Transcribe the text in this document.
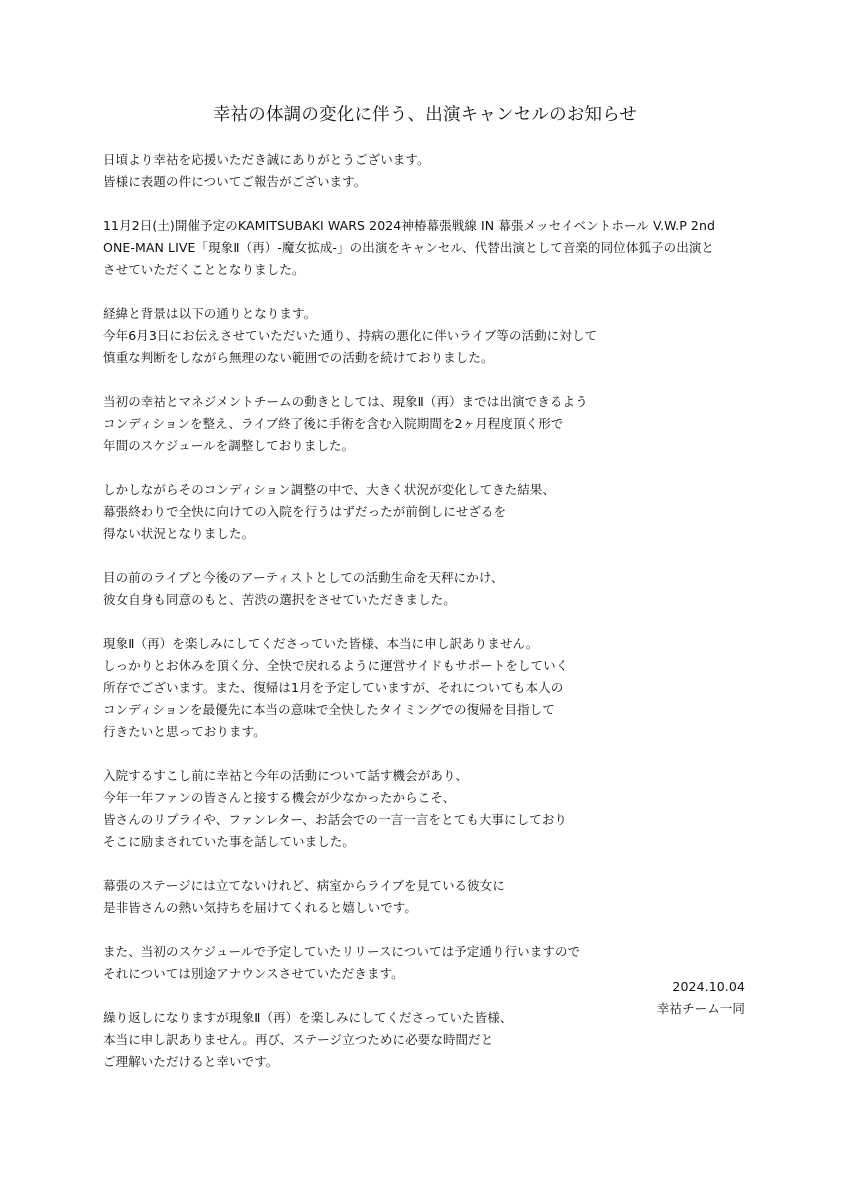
幸祜の体調の変化に伴う、出演キャンセルのお知らせ
日頃より幸祜を応援いただき誠にありがとうございます。
皆様に表題の件についてご報告がございます。
11月2日(土)開催予定のKAMITSUBAKI WARS 2024神椿幕張戦線 IN 幕張メッセイベントホール V.W.P 2nd
ONE-MAN LIVE「現象Ⅱ（再）-魔女拡成-」の出演をキャンセル、代替出演として音楽的同位体狐子の出演と
させていただくこととなりました。
経緯と背景は以下の通りとなります。
今年6月3日にお伝えさせていただいた通り、持病の悪化に伴いライブ等の活動に対して
慎重な判断をしながら無理のない範囲での活動を続けておりました。
当初の幸祜とマネジメントチームの動きとしては、現象Ⅱ（再）までは出演できるよう
コンディションを整え、ライブ終了後に手術を含む入院期間を2ヶ月程度頂く形で
年間のスケジュールを調整しておりました。
しかしながらそのコンディション調整の中で、大きく状況が変化してきた結果、
幕張終わりで全快に向けての入院を行うはずだったが前倒しにせざるを
得ない状況となりました。
目の前のライブと今後のアーティストとしての活動生命を天秤にかけ、
彼女自身も同意のもと、苦渋の選択をさせていただきました。
現象Ⅱ（再）を楽しみにしてくださっていた皆様、本当に申し訳ありません。
しっかりとお休みを頂く分、全快で戻れるように運営サイドもサポートをしていく
所存でございます。また、復帰は1月を予定していますが、それについても本人の
コンディションを最優先に本当の意味で全快したタイミングでの復帰を目指して
行きたいと思っております。
入院するすこし前に幸祜と今年の活動について話す機会があり、
今年一年ファンの皆さんと接する機会が少なかったからこそ、
皆さんのリプライや、ファンレター、お話会での一言一言をとても大事にしており
そこに励まされていた事を話していました。
幕張のステージには立てないけれど、病室からライブを見ている彼女に
是非皆さんの熱い気持ちを届けてくれると嬉しいです。
また、当初のスケジュールで予定していたリリースについては予定通り行いますので
それについては別途アナウンスさせていただきます。
繰り返しになりますが現象Ⅱ（再）を楽しみにしてくださっていた皆様、
本当に申し訳ありません。再び、ステージ立つために必要な時間だと
ご理解いただけると幸いです。
2024.10.04
幸祜チーム一同
